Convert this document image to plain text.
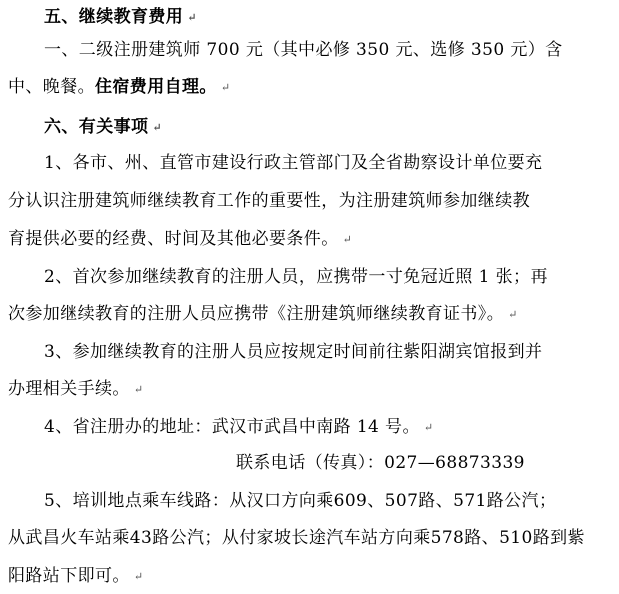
五、继续教育费用 ↵
一、二级注册建筑师 700 元（其中必修 350 元、选修 350 元）含
中、晚餐。住宿费用自理。 ↵
六、有关事项 ↵
1、各市、州、直管市建设行政主管部门及全省勘察设计单位要充
分认识注册建筑师继续教育工作的重要性，为注册建筑师参加继续教
育提供必要的经费、时间及其他必要条件。 ↵
2、首次参加继续教育的注册人员，应携带一寸免冠近照 1 张；再
次参加继续教育的注册人员应携带《注册建筑师继续教育证书》。 ↵
3、参加继续教育的注册人员应按规定时间前往紫阳湖宾馆报到并
办理相关手续。 ↵
4、省注册办的地址：武汉市武昌中南路 14 号。 ↵
联系电话（传真）：027—68873339
5、培训地点乘车线路：从汉口方向乘609、507路、571路公汽；
从武昌火车站乘43路公汽；从付家坡长途汽车站方向乘578路、510路到紫
阳路站下即可。 ↵
